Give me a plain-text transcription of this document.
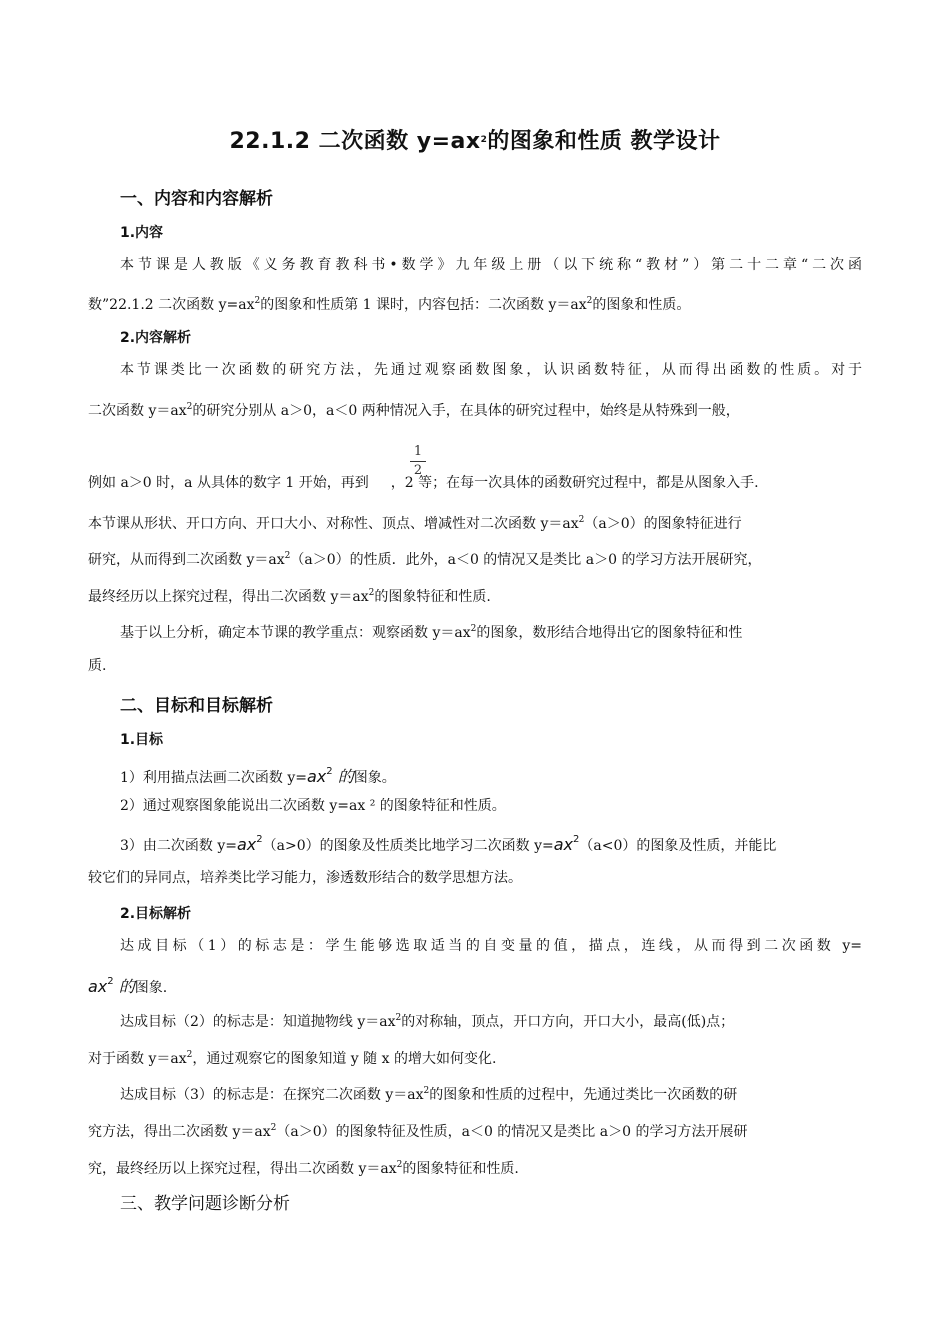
22.1.2 二次函数 $y=ax^2$的图象和性质 教学设计
一、内容和内容解析
1.内容
本节课是人教版《义务教育教科书•数学》九年级上册（以下统称“教材”）第二十二章“二次函
数”22.1.2 二次函数 $y=ax^2$的图象和性质第 1 课时，内容包括：二次函数 $y=ax^2$的图象和性质。
2.内容解析
本节课类比一次函数的研究方法，先通过观察函数图象，认识函数特征，从而得出函数的性质。对于
二次函数 $y=ax^2$的研究分别从 a＞0，a＜0 两种情况入手，在具体的研究过程中，始终是从特殊到一般，
1
2
例如 a＞0 时，a 从具体的数字 1 开始，再到 ，2 等；在每一次具体的函数研究过程中，都是从图象入手.
本节课从形状、开口方向、开口大小、对称性、顶点、增减性对二次函数 $y=ax^2(a>0)$的图象特征进行
研究，从而得到二次函数 $y=ax^2(a>0)$的性质．此外，a＜0 的情况又是类比 a＞0 的学习方法开展研究，
最终经历以上探究过程，得出二次函数 $y=ax^2$的图象特征和性质.
基于以上分析，确定本节课的教学重点：观察函数 $y=ax^2$的图象，数形结合地得出它的图象特征和性
质.
二、目标和目标解析
1.目标
1）利用描点法画二次函数 $y=ax^2$ 的图象。
2）通过观察图象能说出二次函数 y=ax ² 的图象特征和性质。
3）由二次函数 $y=ax^2(a>0)$的图象及性质类比地学习二次函数 $y=ax^2(a<0)$的图象及性质，并能比
较它们的异同点，培养类比学习能力，渗透数形结合的数学思想方法。
2.目标解析
达成目标（1）的标志是：学生能够选取适当的自变量的值，描点，连线，从而得到二次函数 y=
$ax^2$ 的图象.
达成目标（2）的标志是：知道抛物线 $y=ax^2$的对称轴，顶点，开口方向，开口大小，最高(低)点；
对于函数 $y=ax^2$，通过观察它的图象知道 y 随 x 的增大如何变化.
达成目标（3）的标志是：在探究二次函数 $y=ax^2$的图象和性质的过程中，先通过类比一次函数的研
究方法，得出二次函数 $y=ax^2(a>0)$的图象特征及性质，a＜0 的情况又是类比 a＞0 的学习方法开展研
究，最终经历以上探究过程，得出二次函数 $y=ax^2$的图象特征和性质.
三、教学问题诊断分析
